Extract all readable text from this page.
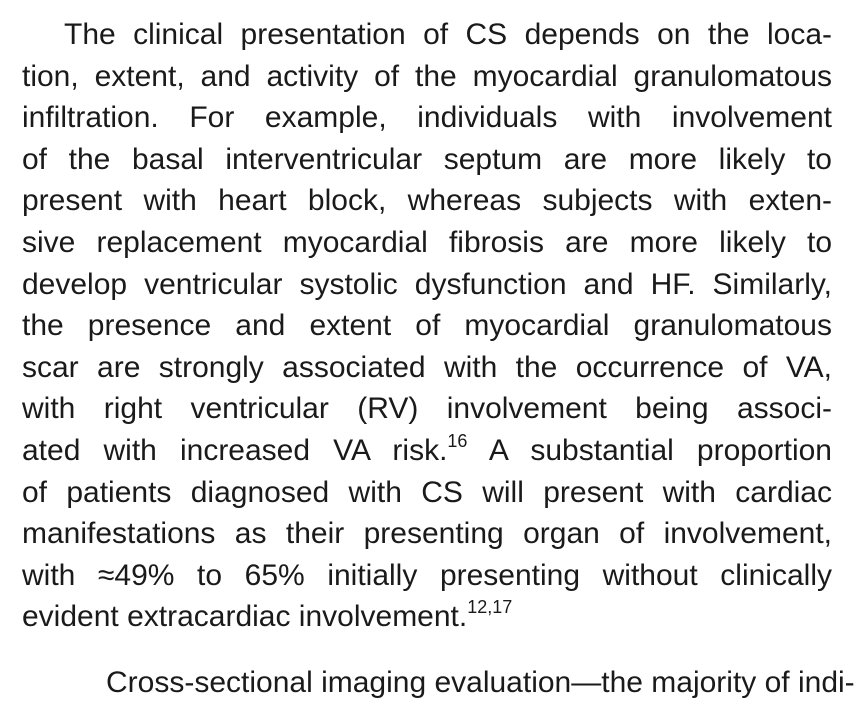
The clinical presentation of CS depends on the loca-
tion, extent, and activity of the myocardial granulomatous
infiltration. For example, individuals with involvement
of the basal interventricular septum are more likely to
present with heart block, whereas subjects with exten-
sive replacement myocardial fibrosis are more likely to
develop ventricular systolic dysfunction and HF. Similarly,
the presence and extent of myocardial granulomatous
scar are strongly associated with the occurrence of VA,
with right ventricular (RV) involvement being associ-
ated with increased VA risk.$^{16}$ A substantial proportion
of patients diagnosed with CS will present with cardiac
manifestations as their presenting organ of involvement,
with ≈49% to 65% initially presenting without clinically
evident extracardiac involvement.$^{12,17}$
Cross-sectional imaging evaluation—the majority of indi-
